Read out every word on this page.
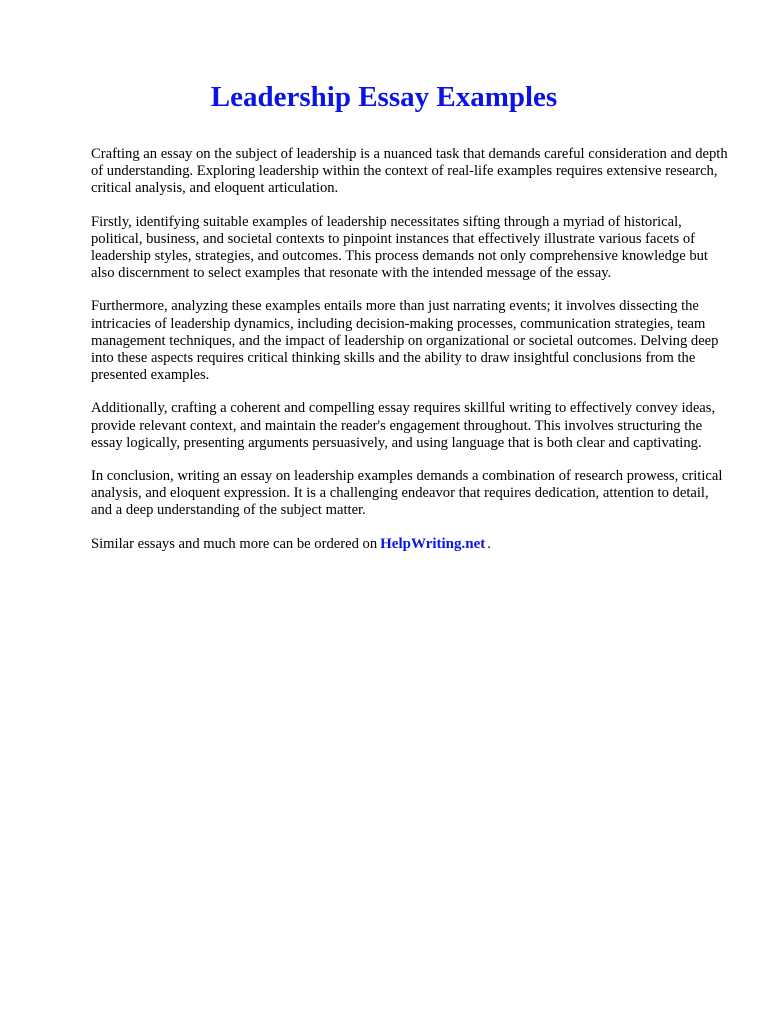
Leadership Essay Examples

Crafting an essay on the subject of leadership is a nuanced task that demands careful consideration and depth of understanding. Exploring leadership within the context of real-life examples requires extensive research, critical analysis, and eloquent articulation.

Firstly, identifying suitable examples of leadership necessitates sifting through a myriad of historical, political, business, and societal contexts to pinpoint instances that effectively illustrate various facets of leadership styles, strategies, and outcomes. This process demands not only comprehensive knowledge but also discernment to select examples that resonate with the intended message of the essay.

Furthermore, analyzing these examples entails more than just narrating events; it involves dissecting the intricacies of leadership dynamics, including decision-making processes, communication strategies, team management techniques, and the impact of leadership on organizational or societal outcomes. Delving deep into these aspects requires critical thinking skills and the ability to draw insightful conclusions from the presented examples.

Additionally, crafting a coherent and compelling essay requires skillful writing to effectively convey ideas, provide relevant context, and maintain the reader's engagement throughout. This involves structuring the essay logically, presenting arguments persuasively, and using language that is both clear and captivating.

In conclusion, writing an essay on leadership examples demands a combination of research prowess, critical analysis, and eloquent expression. It is a challenging endeavor that requires dedication, attention to detail, and a deep understanding of the subject matter.

Similar essays and much more can be ordered on HelpWriting.net .
